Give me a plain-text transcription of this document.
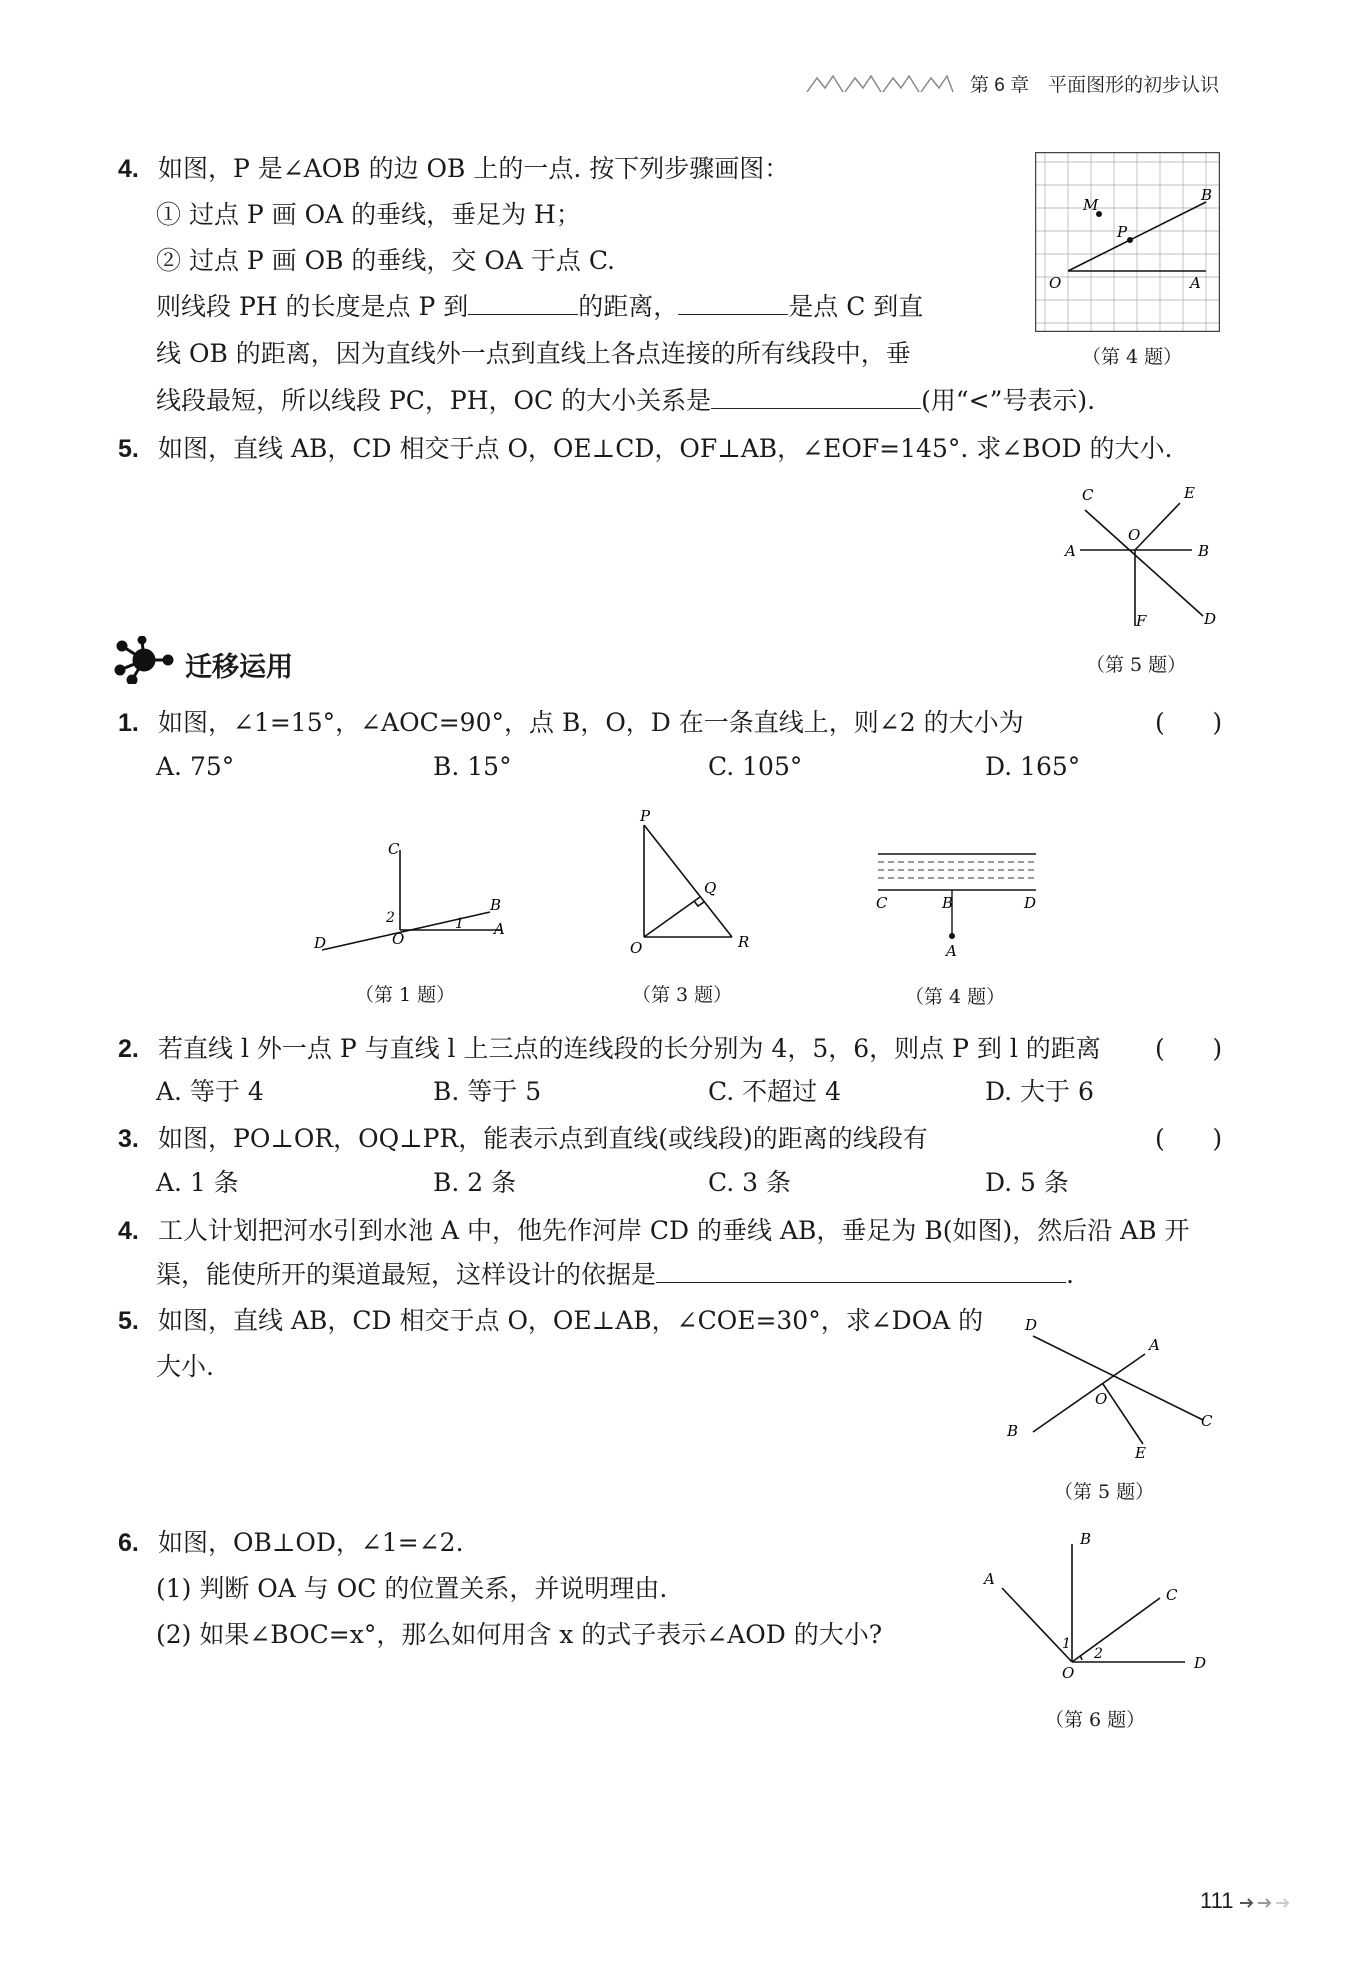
第 6 章　平面图形的初步认识
4. 如图，P 是∠AOB 的边 OB 上的一点. 按下列步骤画图：
① 过点 P 画 OA 的垂线，垂足为 H；
② 过点 P 画 OB 的垂线，交 OA 于点 C.
则线段 PH 的长度是点 P 到	的距离，	是点 C 到直
线 OB 的距离，因为直线外一点到直线上各点连接的所有线段中，垂
线段最短，所以线段 PC，PH，OC 的大小关系是	(用“<”号表示).
M
B
P
O	A
（第 4 题）
5. 如图，直线 AB，CD 相交于点 O，OE⊥CD，OF⊥AB，∠EOF=145°. 求∠BOD 的大小.
C	E
O
A	B
F	D
（第 5 题）
迁移运用
1. 如图，∠1=15°，∠AOC=90°，点 B，O，D 在一条直线上，则∠2 的大小为	(      )
A. 75°	B. 15°	C. 105°	D. 165°
C
B
2	1
D	O
A
（第 1 题）
P
Q
O	R
（第 3 题）
C	B	D
A
（第 4 题）
2. 若直线 l 外一点 P 与直线 l 上三点的连线段的长分别为 4，5，6，则点 P 到 l 的距离 (      )
A. 等于 4	B. 等于 5	C. 不超过 4	D. 大于 6
3. 如图，PO⊥OR，OQ⊥PR，能表示点到直线(或线段)的距离的线段有	(      )
A. 1 条	B. 2 条	C. 3 条	D. 5 条
4. 工人计划把河水引到水池 A 中，他先作河岸 CD 的垂线 AB，垂足为 B(如图)，然后沿 AB 开
渠，能使所开的渠道最短，这样设计的依据是	.
5. 如图，直线 AB，CD 相交于点 O，OE⊥AB，∠COE=30°，求∠DOA 的
大小.
D
A
O
B
C
E
（第 5 题）
6. 如图，OB⊥OD，∠1=∠2.
(1) 判断 OA 与 OC 的位置关系，并说明理由.
(2) 如果∠BOC=x°，那么如何用含 x 的式子表示∠AOD 的大小?
B
A
C
1
2
O
D
（第 6 题）
111
